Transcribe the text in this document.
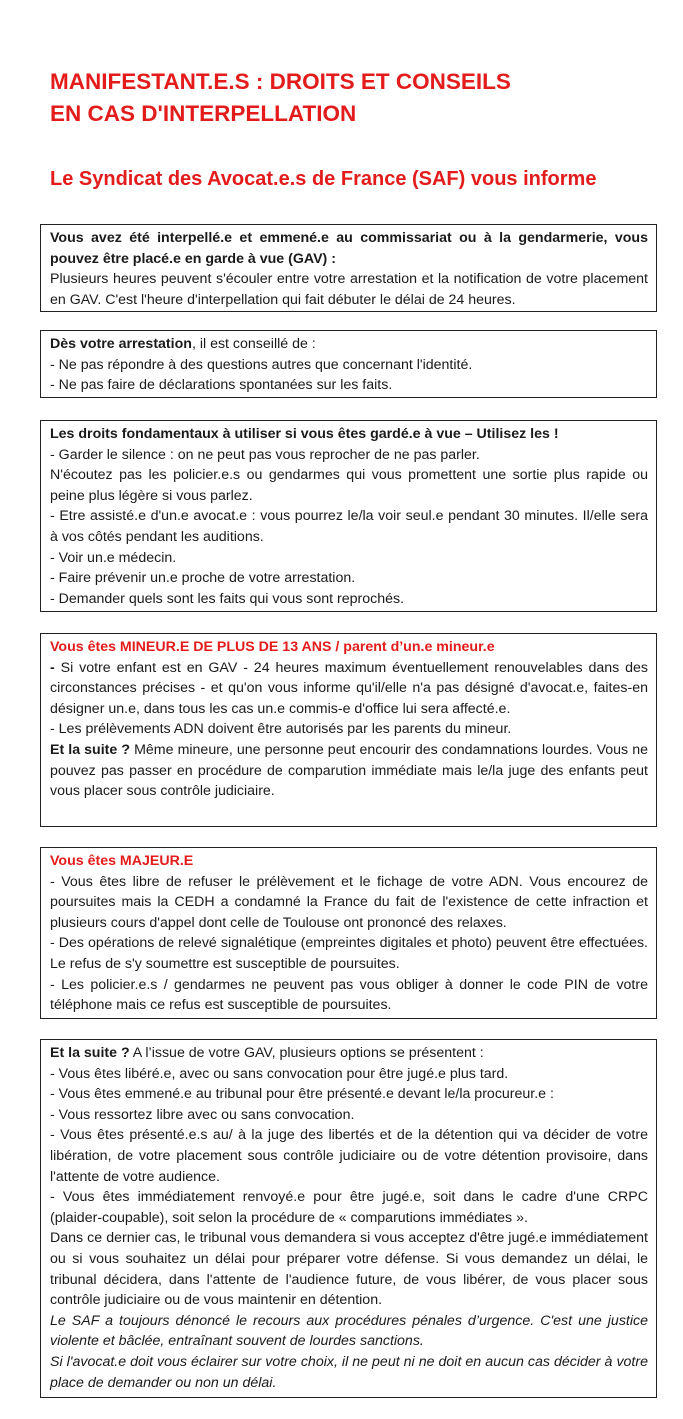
MANIFESTANT.E.S : DROITS ET CONSEILS
EN CAS D'INTERPELLATION
Le Syndicat des Avocat.e.s de France (SAF) vous informe

Vous avez été interpellé.e et emmené.e au commissariat ou à la gendarmerie, vous pouvez être placé.e en garde à vue (GAV) :

Plusieurs heures peuvent s'écouler entre votre arrestation et la notification de votre placement en GAV. C'est l'heure d'interpellation qui fait débuter le délai de 24 heures.

Dès votre arrestation, il est conseillé de :

- Ne pas répondre à des questions autres que concernant l'identité.

- Ne pas faire de déclarations spontanées sur les faits.

Les droits fondamentaux à utiliser si vous êtes gardé.e à vue – Utilisez les !

- Garder le silence : on ne peut pas vous reprocher de ne pas parler.

N'écoutez pas les policier.e.s ou gendarmes qui vous promettent une sortie plus rapide ou peine plus légère si vous parlez.

- Etre assisté.e d'un.e avocat.e : vous pourrez le/la voir seul.e pendant 30 minutes. Il/elle sera à vos côtés pendant les auditions.

- Voir un.e médecin.

- Faire prévenir un.e proche de votre arrestation.

- Demander quels sont les faits qui vous sont reprochés.

Vous êtes MINEUR.E DE PLUS DE 13 ANS / parent d’un.e mineur.e

- Si votre enfant est en GAV - 24 heures maximum éventuellement renouvelables dans des circonstances précises - et qu'on vous informe qu'il/elle n'a pas désigné d'avocat.e, faites-en désigner un.e, dans tous les cas un.e commis-e d'office lui sera affecté.e.

- Les prélèvements ADN doivent être autorisés par les parents du mineur.

Et la suite ? Même mineure, une personne peut encourir des condamnations lourdes. Vous ne pouvez pas passer en procédure de comparution immédiate mais le/la juge des enfants peut vous placer sous contrôle judiciaire.

Vous êtes MAJEUR.E

- Vous êtes libre de refuser le prélèvement et le fichage de votre ADN. Vous encourez de poursuites mais la CEDH a condamné la France du fait de l'existence de cette infraction et plusieurs cours d'appel dont celle de Toulouse ont prononcé des relaxes.

- Des opérations de relevé signalétique (empreintes digitales et photo) peuvent être effectuées. Le refus de s'y soumettre est susceptible de poursuites.

- Les policier.e.s / gendarmes ne peuvent pas vous obliger à donner le code PIN de votre téléphone mais ce refus est susceptible de poursuites.

Et la suite ? A l’issue de votre GAV, plusieurs options se présentent :

- Vous êtes libéré.e, avec ou sans convocation pour être jugé.e plus tard.

- Vous êtes emmené.e au tribunal pour être présenté.e devant le/la procureur.e :

- Vous ressortez libre avec ou sans convocation.

- Vous êtes présenté.e.s au/ à la juge des libertés et de la détention qui va décider de votre libération, de votre placement sous contrôle judiciaire ou de votre détention provisoire, dans l'attente de votre audience.

- Vous êtes immédiatement renvoyé.e pour être jugé.e, soit dans le cadre d'une CRPC (plaider-coupable), soit selon la procédure de « comparutions immédiates ».

Dans ce dernier cas, le tribunal vous demandera si vous acceptez d'être jugé.e immédiatement ou si vous souhaitez un délai pour préparer votre défense. Si vous demandez un délai, le tribunal décidera, dans l'attente de l'audience future, de vous libérer, de vous placer sous contrôle judiciaire ou de vous maintenir en détention.

Le SAF a toujours dénoncé le recours aux procédures pénales d’urgence. C'est une justice violente et bâclée, entraînant souvent de lourdes sanctions.

Si l'avocat.e doit vous éclairer sur votre choix, il ne peut ni ne doit en aucun cas décider à votre place de demander ou non un délai.
